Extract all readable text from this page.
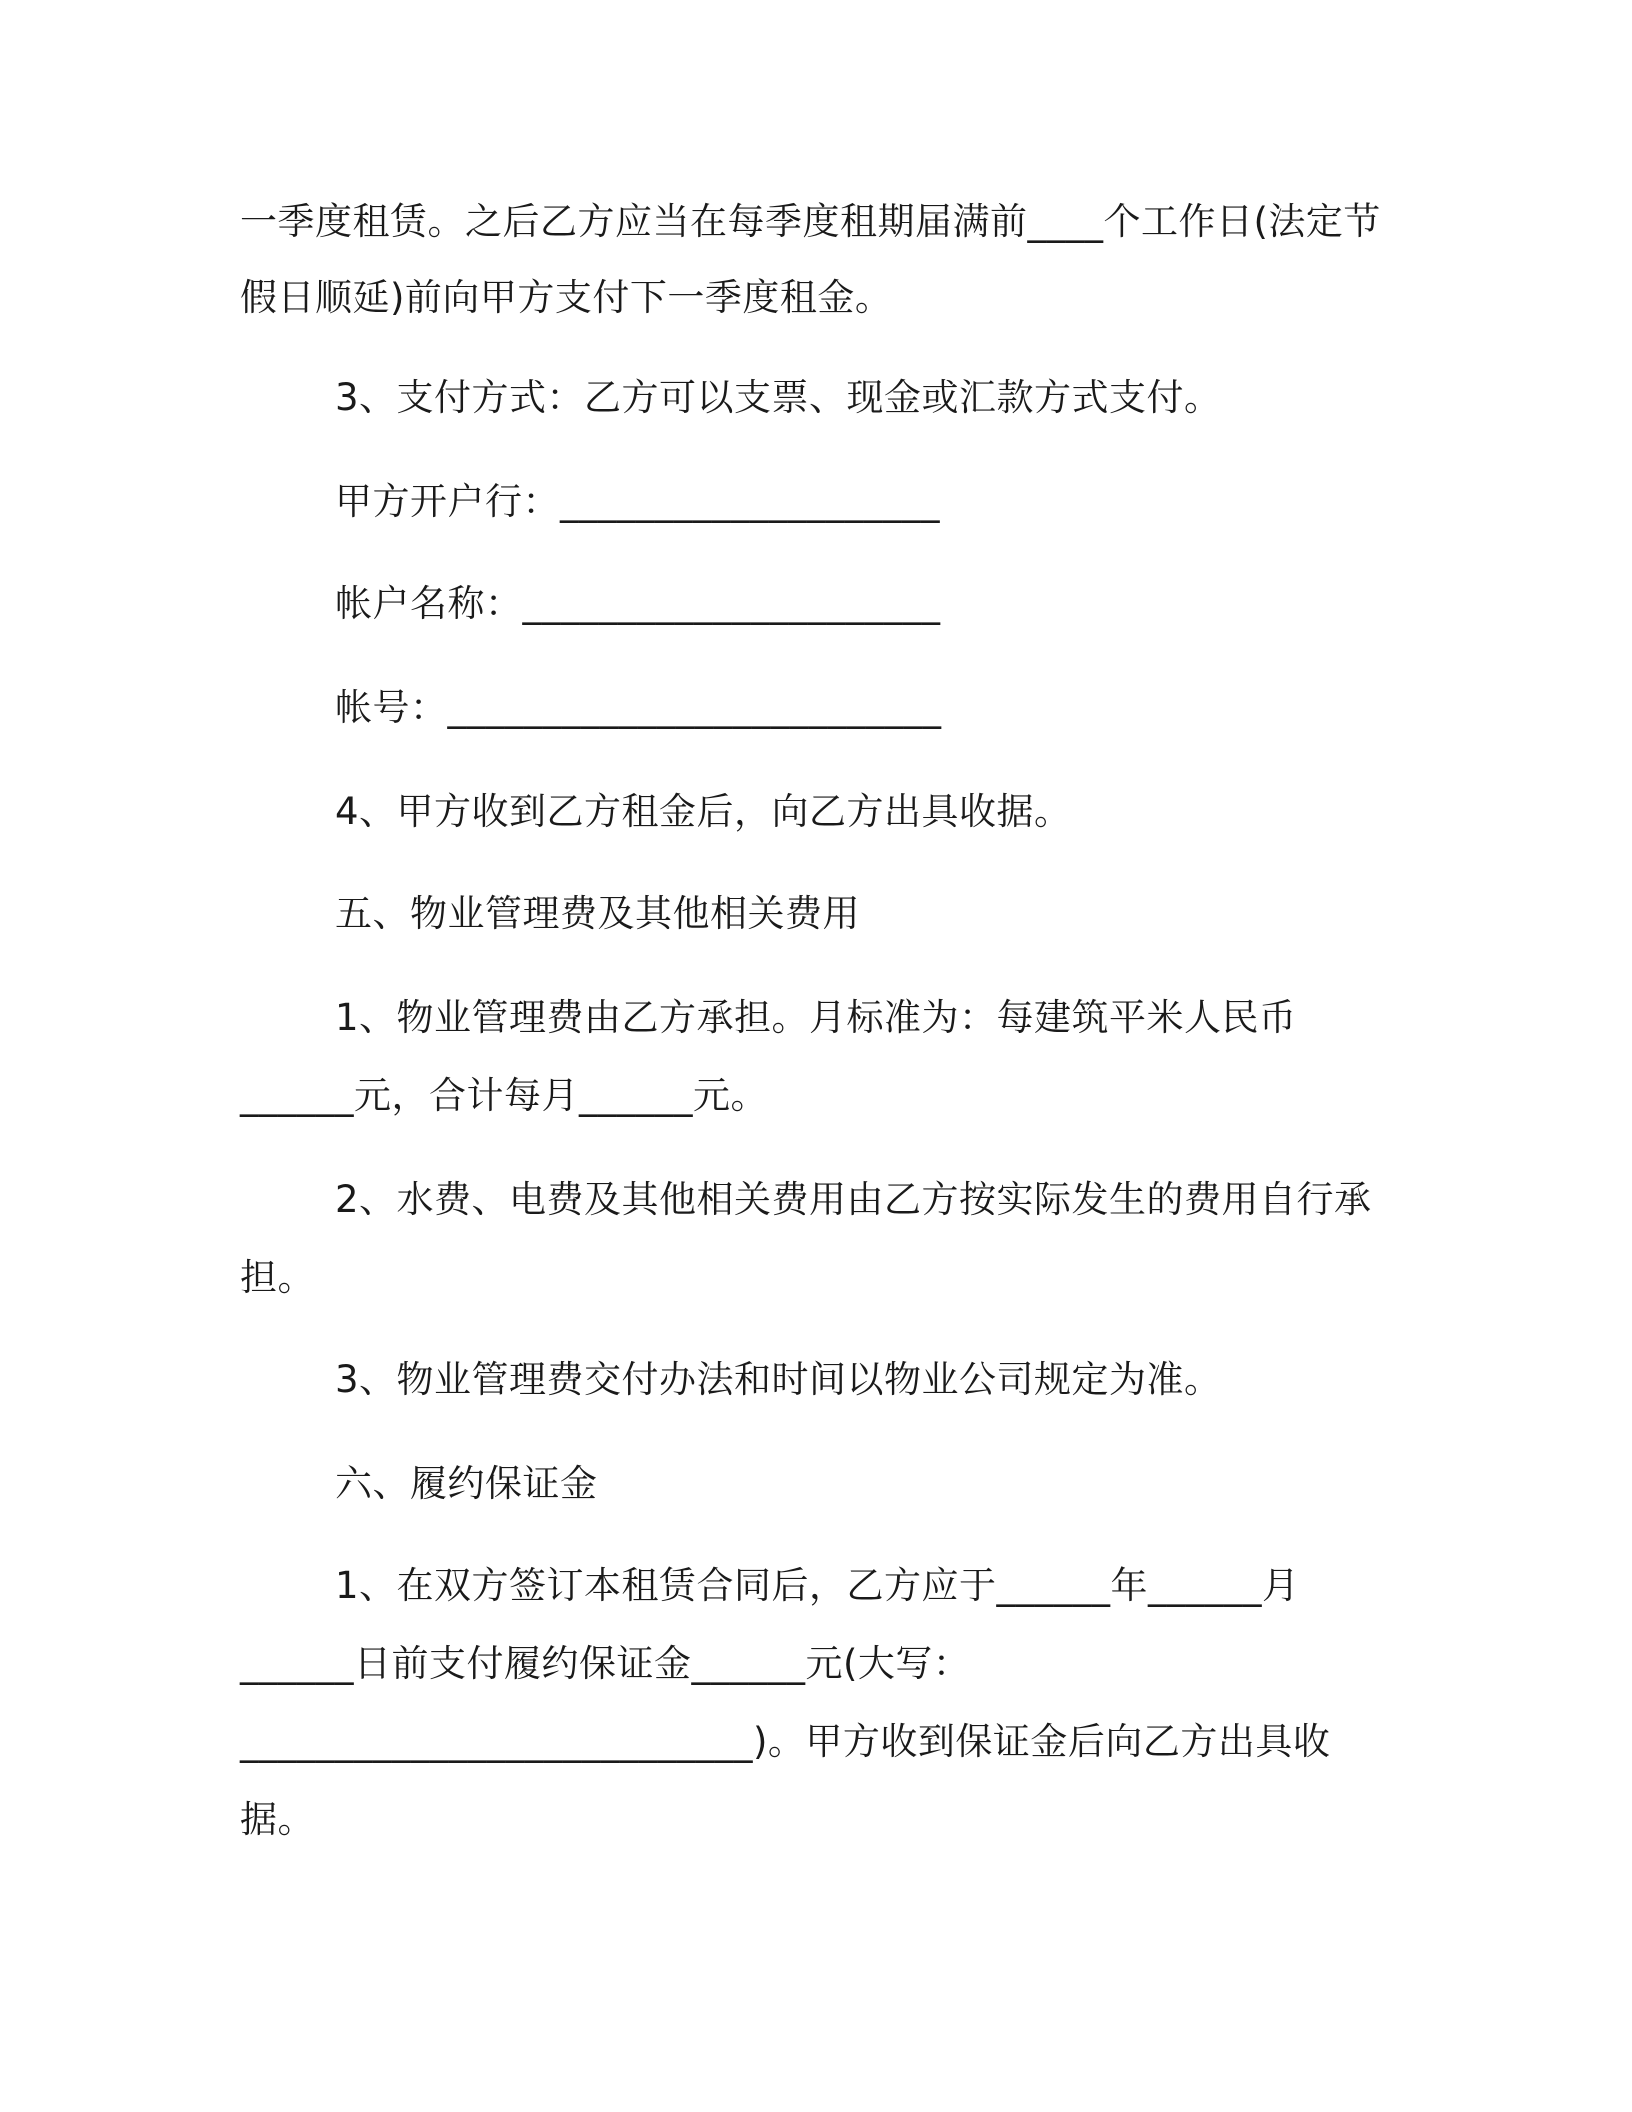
一季度租赁。之后乙方应当在每季度租期届满前____个工作日(法定节
假日顺延)前向甲方支付下一季度租金。
3、支付方式：乙方可以支票、现金或汇款方式支付。
甲方开户行：____________________
帐户名称：______________________
帐号：__________________________
4、甲方收到乙方租金后，向乙方出具收据。
五、物业管理费及其他相关费用
1、物业管理费由乙方承担。月标准为：每建筑平米人民币
______元，合计每月______元。
2、水费、电费及其他相关费用由乙方按实际发生的费用自行承
担。
3、物业管理费交付办法和时间以物业公司规定为准。
六、履约保证金
1、在双方签订本租赁合同后，乙方应于______年______月
______日前支付履约保证金______元(大写：
___________________________)。甲方收到保证金后向乙方出具收
据。
